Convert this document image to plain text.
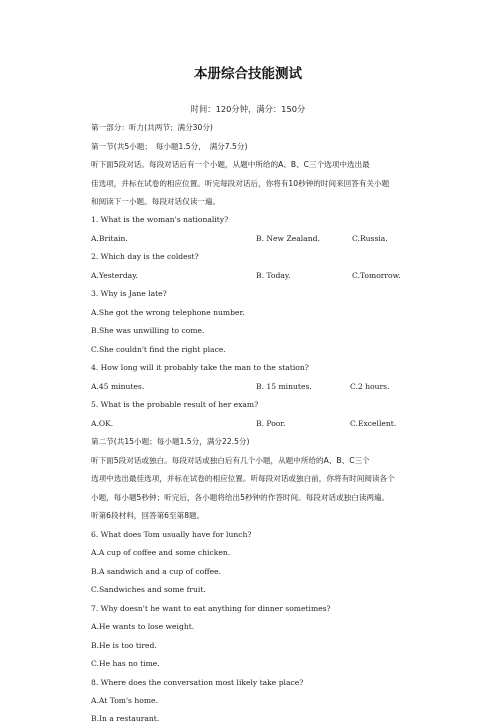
本册综合技能测试
时间：120分钟，满分：150分
第一部分：听力(共两节；满分30分)
第一节(共5小题；　每小题1.5分，　满分7.5分)
听下面5段对话。每段对话后有一个小题，从题中所给的A、B、C三个选项中选出最
佳选项，并标在试卷的相应位置。听完每段对话后，你将有10秒钟的时间来回答有关小题
和阅读下一小题。每段对话仅读一遍。
1. What is the woman's nationality?
A.Britain.	B. New Zealand.	C.Russia.
2. Which day is the coldest?
A.Yesterday.	B. Today.	C.Tomorrow.
3. Why is Jane late?
A.She got the wrong telephone number.
B.She was unwilling to come.
C.She couldn't find the right place.
4. How long will it probably take the man to the station?
A.45 minutes.	B. 15 minutes.	C.2 hours.
5. What is the probable result of her exam?
A.OK.	B. Poor.	C.Excellent.
第二节(共15小题；每小题1.5分，满分22.5分)
听下面5段对话或独白。每段对话或独白后有几个小题，从题中所给的A、B、C三个
选项中选出最佳选项，并标在试卷的相应位置。听每段对话或独白前，你将有时间阅读各个
小题，每小题5秒钟；听完后，各小题将给出5秒钟的作答时间。每段对话或独白读两遍。
听第6段材料，回答第6至第8题。
6. What does Tom usually have for lunch?
A.A cup of coffee and some chicken.
B.A sandwich and a cup of coffee.
C.Sandwiches and some fruit.
7. Why doesn't he want to eat anything for dinner sometimes?
A.He wants to lose weight.
B.He is too tired.
C.He has no time.
8. Where does the conversation most likely take place?
A.At Tom's home.
B.In a restaurant.
